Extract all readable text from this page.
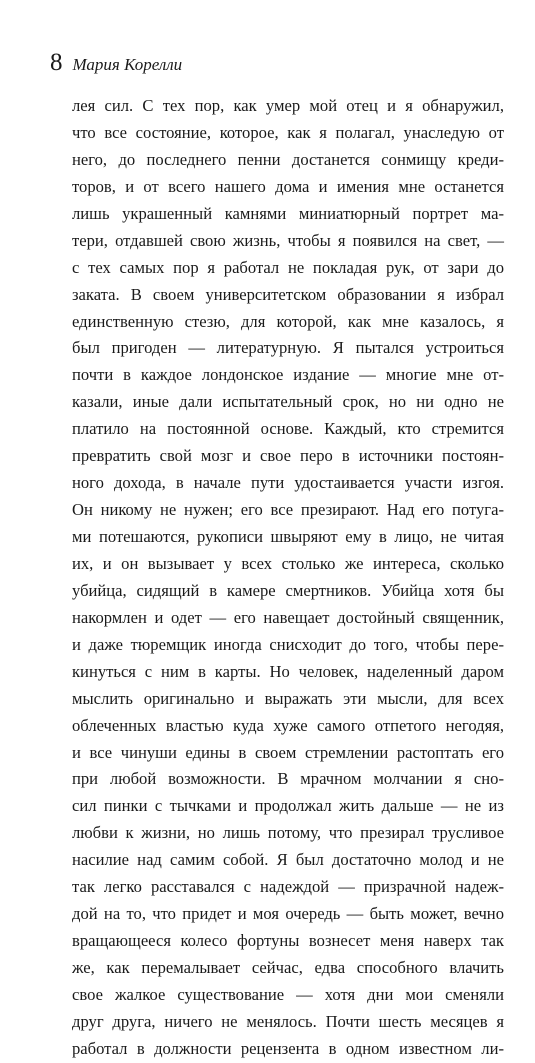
8 Мария Корелли
лея сил. С тех пор, как умер мой отец и я обнаружил,
что все состояние, которое, как я полагал, унаследую от
него, до последнего пенни достанется сонмищу креди-
торов, и от всего нашего дома и имения мне останется
лишь украшенный камнями миниатюрный портрет ма-
тери, отдавшей свою жизнь, чтобы я появился на свет, —
с тех самых пор я работал не покладая рук, от зари до
заката. В своем университетском образовании я избрал
единственную стезю, для которой, как мне казалось, я
был пригоден — литературную. Я пытался устроиться
почти в каждое лондонское издание — многие мне от-
казали, иные дали испытательный срок, но ни одно не
платило на постоянной основе. Каждый, кто стремится
превратить свой мозг и свое перо в источники постоян-
ного дохода, в начале пути удостаивается участи изгоя.
Он никому не нужен; его все презирают. Над его потуга-
ми потешаются, рукописи швыряют ему в лицо, не читая
их, и он вызывает у всех столько же интереса, сколько
убийца, сидящий в камере смертников. Убийца хотя бы
накормлен и одет — его навещает достойный священник,
и даже тюремщик иногда снисходит до того, чтобы пере-
кинуться с ним в карты. Но человек, наделенный даром
мыслить оригинально и выражать эти мысли, для всех
облеченных властью куда хуже самого отпетого негодяя,
и все чинуши едины в своем стремлении растоптать его
при любой возможности. В мрачном молчании я сно-
сил пинки с тычками и продолжал жить дальше — не из
любви к жизни, но лишь потому, что презирал трусливое
насилие над самим собой. Я был достаточно молод и не
так легко расставался с надеждой — призрачной надеж-
дой на то, что придет и моя очередь — быть может, вечно
вращающееся колесо фортуны вознесет меня наверх так
же, как перемалывает сейчас, едва способного влачить
свое жалкое существование — хотя дни мои сменяли
друг друга, ничего не менялось. Почти шесть месяцев я
работал в должности рецензента в одном известном ли-
